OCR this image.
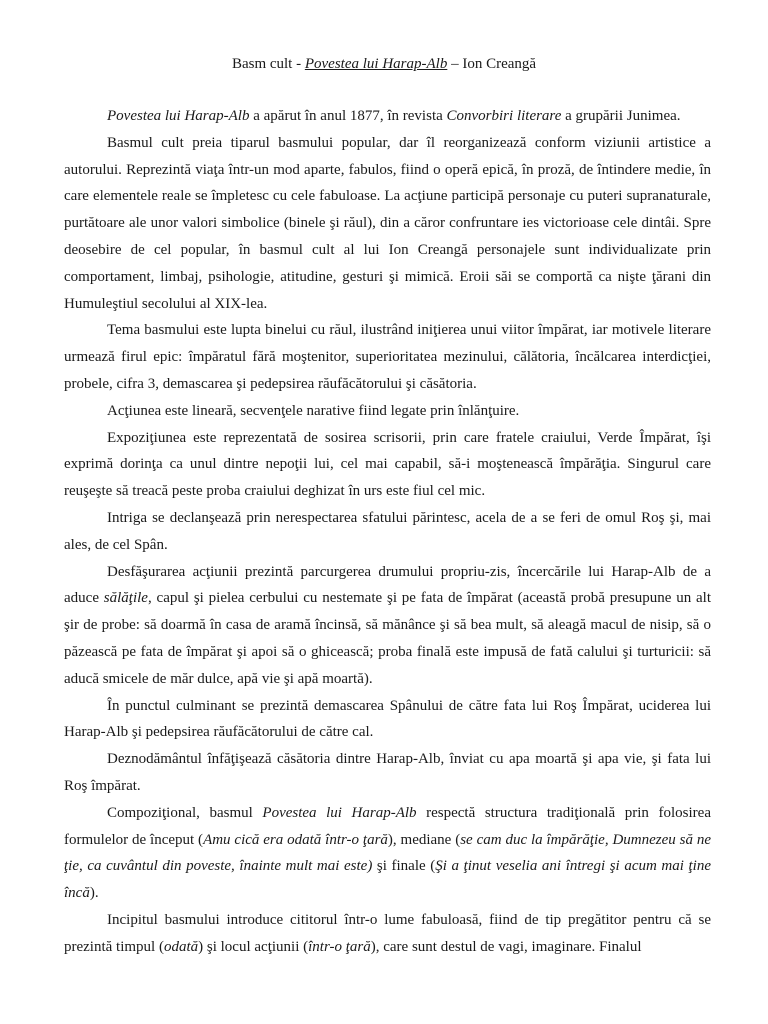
Basm cult - Povestea lui Harap-Alb – Ion Creangă

Povestea lui Harap-Alb a apărut în anul 1877, în revista Convorbiri literare a grupării Junimea.

Basmul cult preia tiparul basmului popular, dar îl reorganizează conform viziunii artistice a autorului. Reprezintă viaţa într-un mod aparte, fabulos, fiind o operă epică, în proză, de întindere medie, în care elementele reale se împletesc cu cele fabuloase. La acţiune participă personaje cu puteri supranaturale, purtătoare ale unor valori simbolice (binele şi răul), din a căror confruntare ies victorioase cele dintâi. Spre deosebire de cel popular, în basmul cult al lui Ion Creangă personajele sunt individualizate prin comportament, limbaj, psihologie, atitudine, gesturi şi mimică. Eroii săi se comportă ca nişte ţărani din Humuleştiul secolului al XIX-lea.

Tema basmului este lupta binelui cu răul, ilustrând iniţierea unui viitor împărat, iar motivele literare urmează firul epic: împăratul fără moştenitor, superioritatea mezinului, călătoria, încălcarea interdicţiei, probele, cifra 3, demascarea şi pedepsirea răufăcătorului şi căsătoria.

Acţiunea este lineară, secvenţele narative fiind legate prin înlănţuire.

Expoziţiunea este reprezentată de sosirea scrisorii, prin care fratele craiului, Verde Împărat, îşi exprimă dorinţa ca unul dintre nepoţii lui, cel mai capabil, să-i moştenească împărăţia. Singurul care reuşeşte să treacă peste proba craiului deghizat în urs este fiul cel mic.

Intriga se declanşează prin nerespectarea sfatului părintesc, acela de a se feri de omul Roş şi, mai ales, de cel Spân.

Desfăşurarea acţiunii prezintă parcurgerea drumului propriu-zis, încercările lui Harap-Alb de a aduce sălăţile, capul şi pielea cerbului cu nestemate şi pe fata de împărat (această probă presupune un alt şir de probe: să doarmă în casa de aramă încinsă, să mănânce şi să bea mult, să aleagă macul de nisip, să o păzească pe fata de împărat şi apoi să o ghicească; proba finală este impusă de fată calului şi turturicii: să aducă smicele de măr dulce, apă vie şi apă moartă).

În punctul culminant se prezintă demascarea Spânului de către fata lui Roş Împărat, uciderea lui Harap-Alb şi pedepsirea răufăcătorului de către cal.

Deznodământul înfăţişează căsătoria dintre Harap-Alb, înviat cu apa moartă şi apa vie, şi fata lui Roş împărat.

Compoziţional, basmul Povestea lui Harap-Alb respectă structura tradiţională prin folosirea formulelor de început (Amu cică era odată într-o ţară), mediane (se cam duc la împărăţie, Dumnezeu să ne ţie, ca cuvântul din poveste, înainte mult mai este) şi finale (Şi a ţinut veselia ani întregi şi acum mai ţine încă).

Incipitul basmului introduce cititorul într-o lume fabuloasă, fiind de tip pregătitor pentru că se prezintă timpul (odată) şi locul acţiunii (într-o ţară), care sunt destul de vagi, imaginare. Finalul
